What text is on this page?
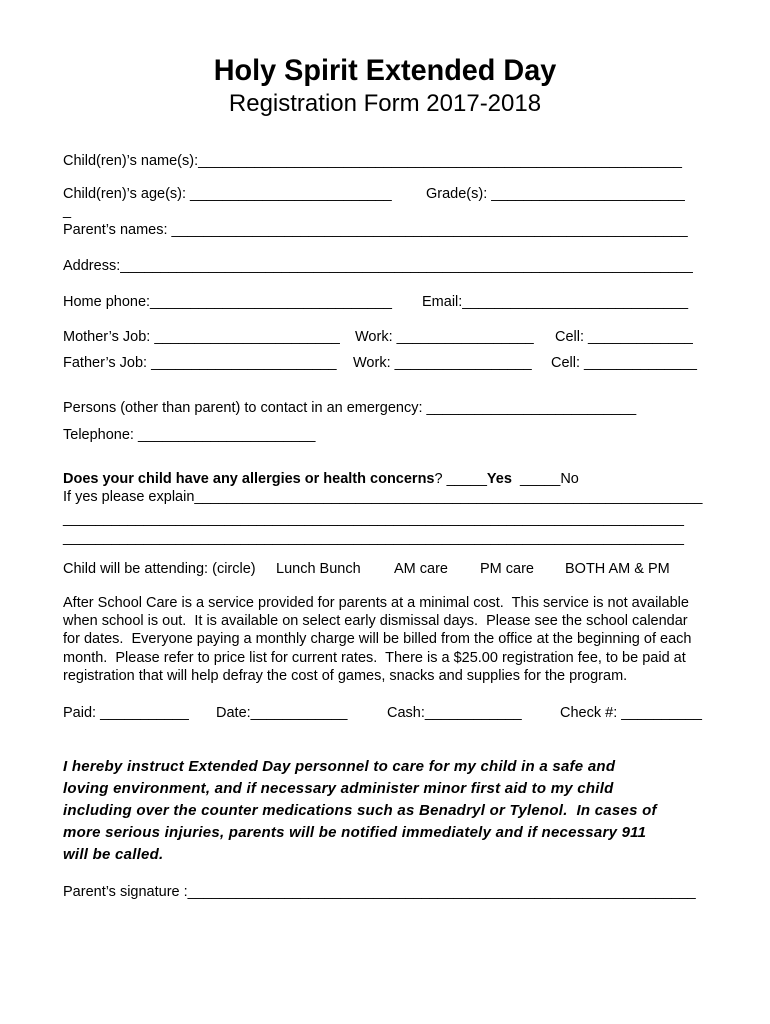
Holy Spirit Extended Day
Registration Form 2017-2018
Child(ren)’s name(s):____________________________________________________________
Child(ren)’s age(s): _________________________ Grade(s): ________________________
_
Parent’s names: ________________________________________________________________
Address:_______________________________________________________________________
Home phone:______________________________ Email:____________________________
Mother’s Job: _______________________ Work: _________________ Cell: _____________
Father’s Job: _______________________ Work: _________________ Cell: ______________
Persons (other than parent) to contact in an emergency: __________________________
Telephone: ______________________
Does your child have any allergies or health concerns? _____Yes  _____No
If yes please explain_______________________________________________________________
_____________________________________________________________________________
_____________________________________________________________________________
Child will be attending: (circle) Lunch Bunch AM care PM care BOTH AM & PM
After School Care is a service provided for parents at a minimal cost.  This service is not available
when school is out.  It is available on select early dismissal days.  Please see the school calendar
for dates.  Everyone paying a monthly charge will be billed from the office at the beginning of each
month.  Please refer to price list for current rates.  There is a $25.00 registration fee, to be paid at
registration that will help defray the cost of games, snacks and supplies for the program.
Paid: ___________ Date:____________	Cash:____________	Check #: __________
I hereby instruct Extended Day personnel to care for my child in a safe and
loving environment, and if necessary administer minor first aid to my child
including over the counter medications such as Benadryl or Tylenol.  In cases of
more serious injuries, parents will be notified immediately and if necessary 911
will be called.
Parent’s signature :_______________________________________________________________
